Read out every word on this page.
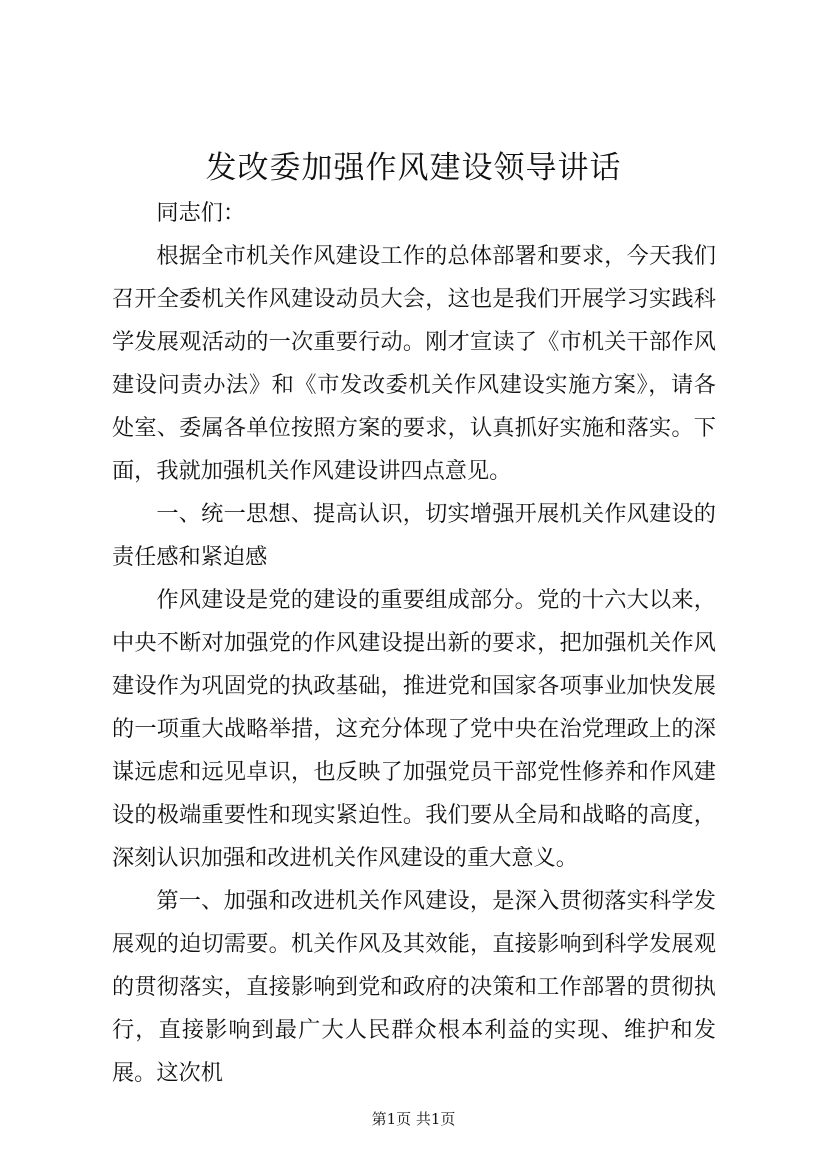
发改委加强作风建设领导讲话

同志们：

根据全市机关作风建设工作的总体部署和要求，今天我们召开全委机关作风建设动员大会，这也是我们开展学习实践科学发展观活动的一次重要行动。刚才宣读了《市机关干部作风建设问责办法》和《市发改委机关作风建设实施方案》，请各处室、委属各单位按照方案的要求，认真抓好实施和落实。下面，我就加强机关作风建设讲四点意见。

一、统一思想、提高认识，切实增强开展机关作风建设的责任感和紧迫感

作风建设是党的建设的重要组成部分。党的十六大以来，中央不断对加强党的作风建设提出新的要求，把加强机关作风建设作为巩固党的执政基础，推进党和国家各项事业加快发展的一项重大战略举措，这充分体现了党中央在治党理政上的深谋远虑和远见卓识，也反映了加强党员干部党性修养和作风建设的极端重要性和现实紧迫性。我们要从全局和战略的高度，深刻认识加强和改进机关作风建设的重大意义。

第一、加强和改进机关作风建设，是深入贯彻落实科学发展观的迫切需要。机关作风及其效能，直接影响到科学发展观的贯彻落实，直接影响到党和政府的决策和工作部署的贯彻执行，直接影响到最广大人民群众根本利益的实现、维护和发展。这次机

第1页 共1页
